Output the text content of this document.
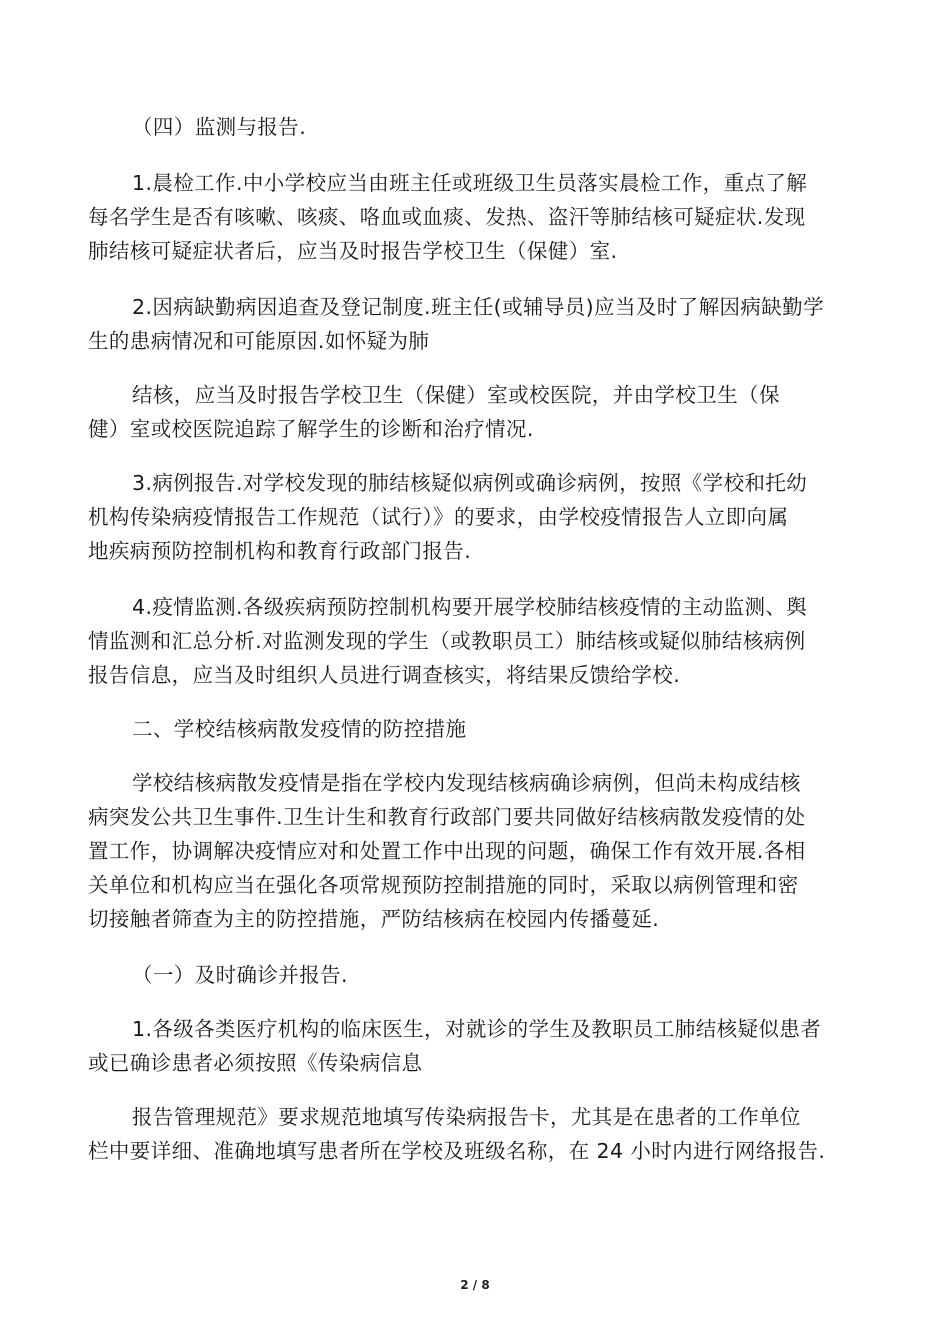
（四）监测与报告.
1.晨检工作.中小学校应当由班主任或班级卫生员落实晨检工作，重点了解
每名学生是否有咳嗽、咳痰、咯血或血痰、发热、盗汗等肺结核可疑症状.发现
肺结核可疑症状者后，应当及时报告学校卫生（保健）室.
2.因病缺勤病因追查及登记制度.班主任(或辅导员)应当及时了解因病缺勤学
生的患病情况和可能原因.如怀疑为肺
结核，应当及时报告学校卫生（保健）室或校医院，并由学校卫生（保
健）室或校医院追踪了解学生的诊断和治疗情况.
3.病例报告.对学校发现的肺结核疑似病例或确诊病例，按照《学校和托幼
机构传染病疫情报告工作规范（试行）》的要求，由学校疫情报告人立即向属
地疾病预防控制机构和教育行政部门报告.
4.疫情监测.各级疾病预防控制机构要开展学校肺结核疫情的主动监测、舆
情监测和汇总分析.对监测发现的学生（或教职员工）肺结核或疑似肺结核病例
报告信息，应当及时组织人员进行调查核实，将结果反馈给学校.
二、学校结核病散发疫情的防控措施
学校结核病散发疫情是指在学校内发现结核病确诊病例，但尚未构成结核
病突发公共卫生事件.卫生计生和教育行政部门要共同做好结核病散发疫情的处
置工作，协调解决疫情应对和处置工作中出现的问题，确保工作有效开展.各相
关单位和机构应当在强化各项常规预防控制措施的同时，采取以病例管理和密
切接触者筛查为主的防控措施，严防结核病在校园内传播蔓延.
（一）及时确诊并报告.
1.各级各类医疗机构的临床医生，对就诊的学生及教职员工肺结核疑似患者
或已确诊患者必须按照《传染病信息
报告管理规范》要求规范地填写传染病报告卡，尤其是在患者的工作单位
栏中要详细、准确地填写患者所在学校及班级名称，在 24 小时内进行网络报告.
2 / 8
